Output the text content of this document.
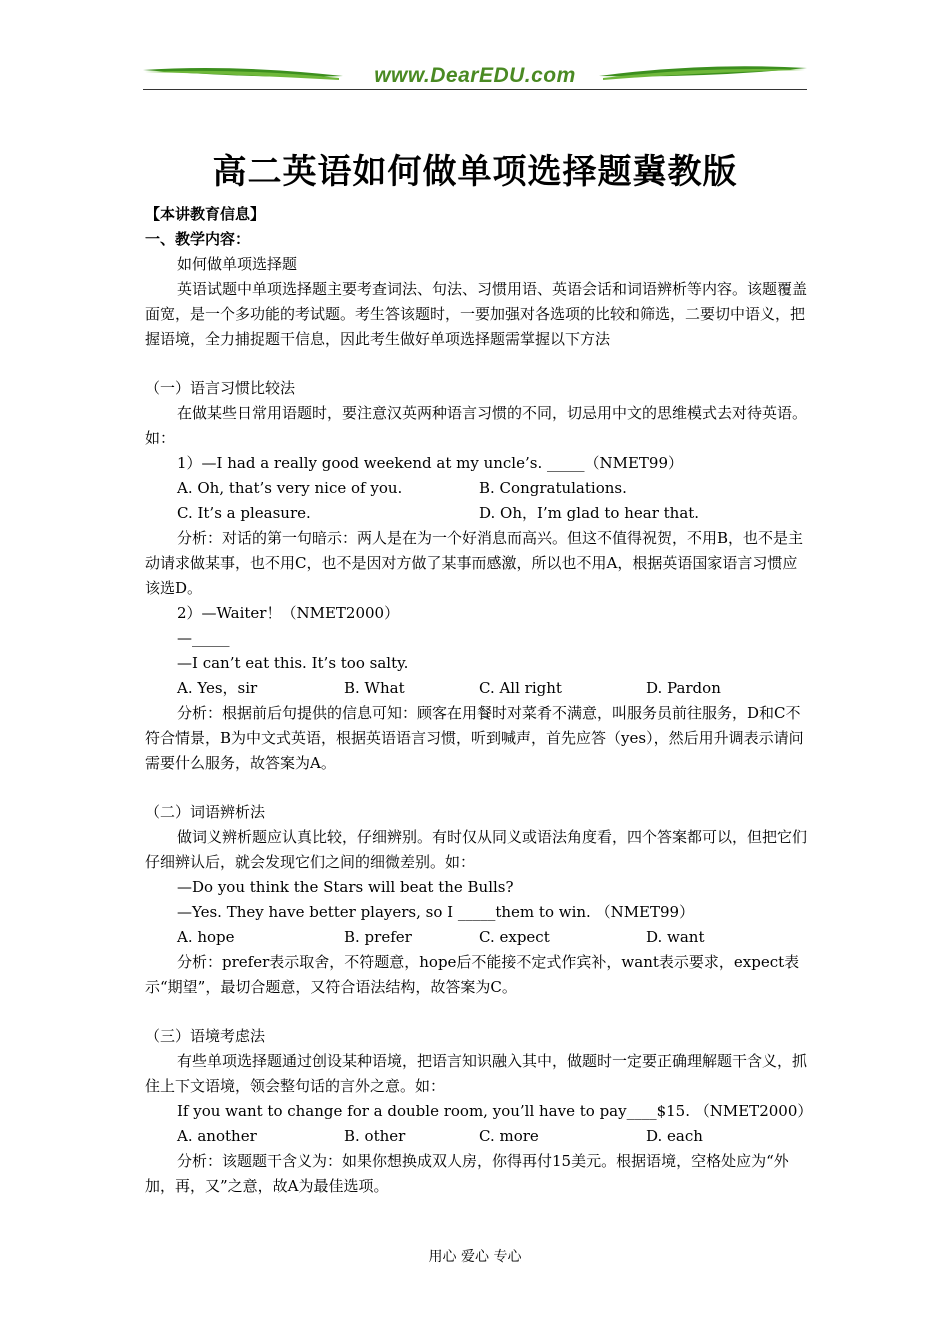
www.DearEDU.com
高二英语如何做单项选择题冀教版

【本讲教育信息】

一、教学内容：

如何做单项选择题

英语试题中单项选择题主要考查词法、句法、习惯用语、英语会话和词语辨析等内容。该题覆盖面宽，是一个多功能的考试题。考生答该题时，一要加强对各选项的比较和筛选，二要切中语义，把握语境，全力捕捉题干信息，因此考生做好单项选择题需掌握以下方法

（一）语言习惯比较法

在做某些日常用语题时，要注意汉英两种语言习惯的不同，切忌用中文的思维模式去对待英语。如：

1）—I had a really good weekend at my uncle’s. _____（NMET99）

A. Oh, that’s very nice of you.	B. Congratulations.
C. It’s a pleasure.	D. Oh，I’m glad to hear that.

分析：对话的第一句暗示：两人是在为一个好消息而高兴。但这不值得祝贺，不用B，也不是主动请求做某事，也不用C，也不是因对方做了某事而感激，所以也不用A，根据英语国家语言习惯应该选D。

2）—Waiter！（NMET2000）

—_____

—I can’t eat this. It’s too salty.

A. Yes，sir	B. What	C. All right	D. Pardon

分析：根据前后句提供的信息可知：顾客在用餐时对菜肴不满意，叫服务员前往服务，D和C不符合情景，B为中文式英语，根据英语语言习惯，听到喊声，首先应答（yes），然后用升调表示请问需要什么服务，故答案为A。

（二）词语辨析法

做词义辨析题应认真比较，仔细辨别。有时仅从同义或语法角度看，四个答案都可以，但把它们仔细辨认后，就会发现它们之间的细微差别。如：

—Do you think the Stars will beat the Bulls?

—Yes. They have better players, so I _____them to win. （NMET99）

A. hope	B. prefer	C. expect	D. want

分析：prefer表示取舍，不符题意，hope后不能接不定式作宾补，want表示要求，expect表示“期望”，最切合题意，又符合语法结构，故答案为C。

（三）语境考虑法

有些单项选择题通过创设某种语境，把语言知识融入其中，做题时一定要正确理解题干含义，抓住上下文语境，领会整句话的言外之意。如：

If you want to change for a double room, you’ll have to pay____$15. （NMET2000）

A. another	B. other	C. more	D. each

分析：该题题干含义为：如果你想换成双人房，你得再付15美元。根据语境，空格处应为“外加，再，又”之意，故A为最佳选项。

用心 爱心 专心
